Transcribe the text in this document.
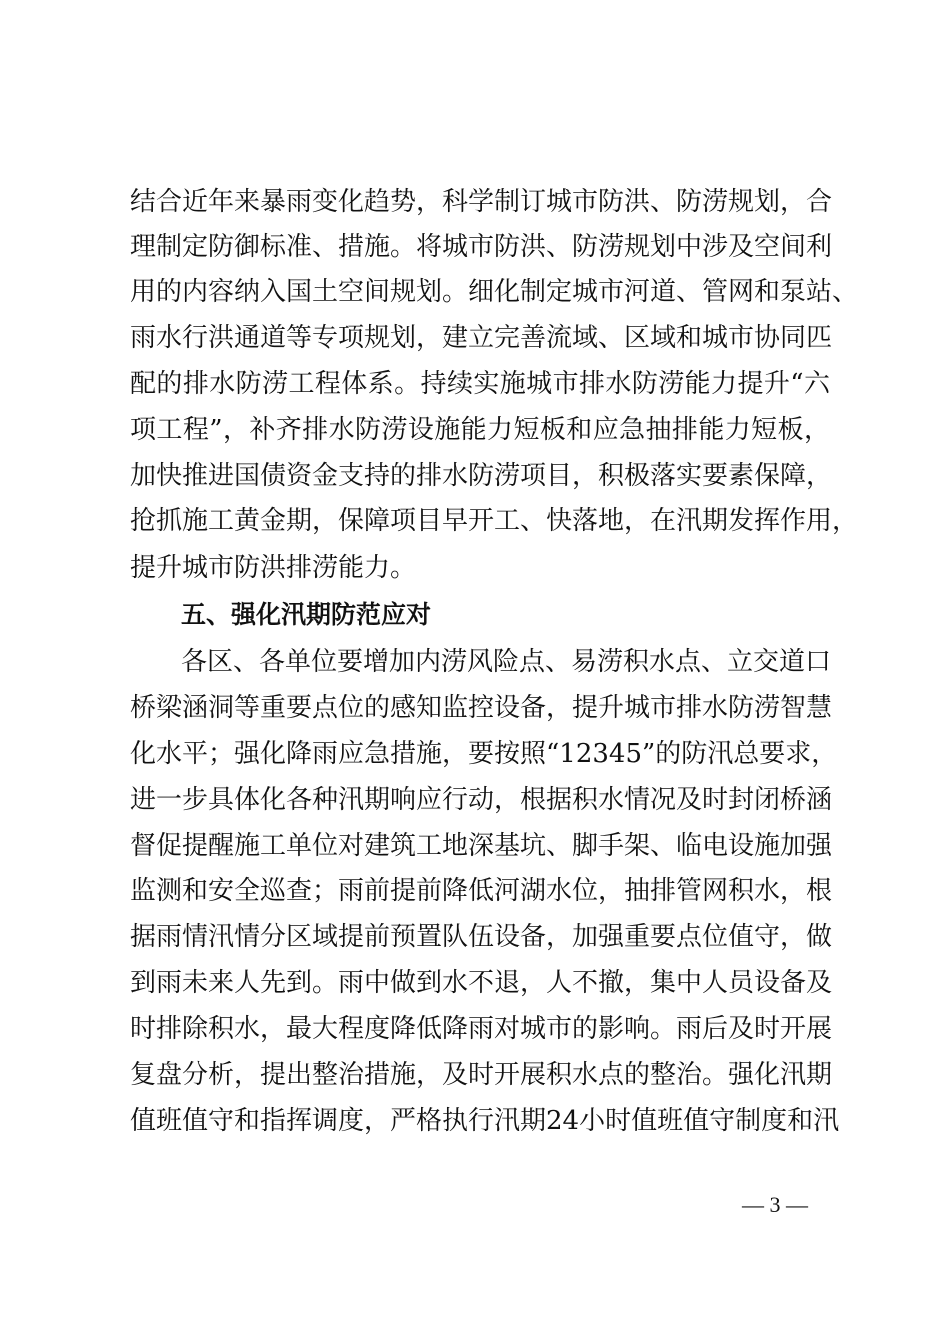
结合近年来暴雨变化趋势，科学制订城市防洪、防涝规划，合
理制定防御标准、措施。将城市防洪、防涝规划中涉及空间利
用的内容纳入国土空间规划。细化制定城市河道、管网和泵站、
雨水行洪通道等专项规划，建立完善流域、区域和城市协同匹
配的排水防涝工程体系。持续实施城市排水防涝能力提升“六
项工程”，补齐排水防涝设施能力短板和应急抽排能力短板，
加快推进国债资金支持的排水防涝项目，积极落实要素保障，
抢抓施工黄金期，保障项目早开工、快落地，在汛期发挥作用，
提升城市防洪排涝能力。
五、强化汛期防范应对
各区、各单位要增加内涝风险点、易涝积水点、立交道口
桥梁涵洞等重要点位的感知监控设备，提升城市排水防涝智慧
化水平；强化降雨应急措施，要按照“12345”的防汛总要求，
进一步具体化各种汛期响应行动，根据积水情况及时封闭桥涵
督促提醒施工单位对建筑工地深基坑、脚手架、临电设施加强
监测和安全巡查；雨前提前降低河湖水位，抽排管网积水，根
据雨情汛情分区域提前预置队伍设备，加强重要点位值守，做
到雨未来人先到。雨中做到水不退，人不撤，集中人员设备及
时排除积水，最大程度降低降雨对城市的影响。雨后及时开展
复盘分析，提出整治措施，及时开展积水点的整治。强化汛期
值班值守和指挥调度，严格执行汛期24小时值班值守制度和汛
— 3 —
